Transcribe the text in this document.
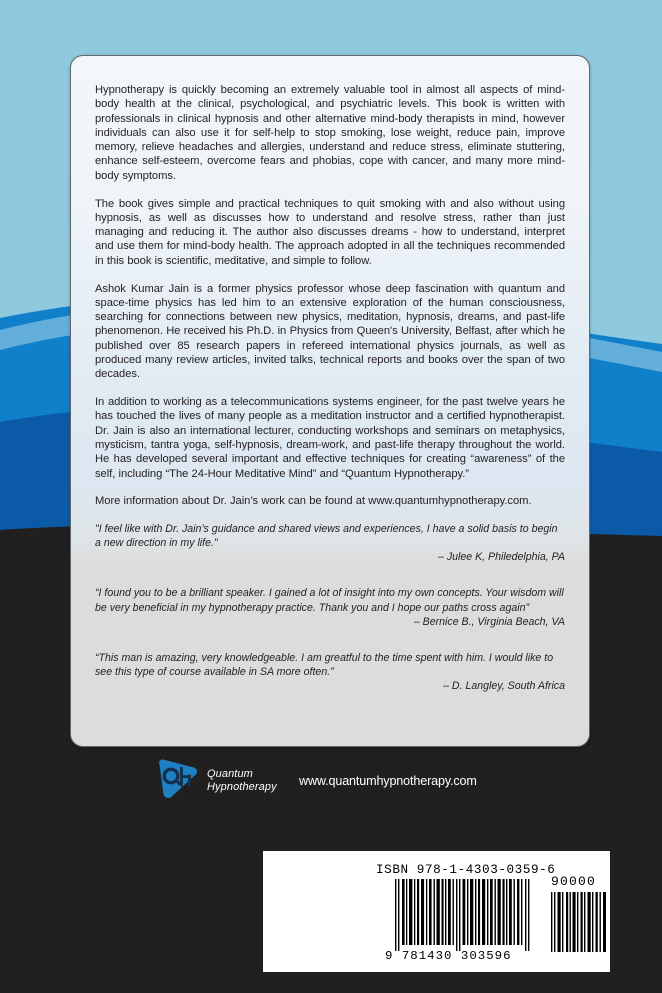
Hypnotherapy is quickly becoming an extremely valuable tool in almost all aspects of mind-body health at the clinical, psychological, and psychiatric levels. This book is written with professionals in clinical hypnosis and other alternative mind-body therapists in mind, however individuals can also use it for self-help to stop smoking, lose weight, reduce pain, improve memory, relieve headaches and allergies, understand and reduce stress, eliminate stuttering, enhance self-esteem, overcome fears and phobias, cope with cancer, and many more mind-body symptoms.

The book gives simple and practical techniques to quit smoking with and also without using hypnosis, as well as discusses how to understand and resolve stress, rather than just managing and reducing it. The author also discusses dreams - how to understand, interpret and use them for mind-body health. The approach adopted in all the techniques recommended in this book is scientific, meditative, and simple to follow.

Ashok Kumar Jain is a former physics professor whose deep fascination with quantum and space-time physics has led him to an extensive exploration of the human consciousness, searching for connections between new physics, meditation, hypnosis, dreams, and past-life phenomenon. He received his Ph.D. in Physics from Queen's University, Belfast, after which he published over 85 research papers in refereed international physics journals, as well as produced many review articles, invited talks, technical reports and books over the span of two decades.

In addition to working as a telecommunications systems engineer, for the past twelve years he has touched the lives of many people as a meditation instructor and a certified hypnotherapist. Dr. Jain is also an international lecturer, conducting workshops and seminars on metaphysics, mysticism, tantra yoga, self-hypnosis, dream-work, and past-life therapy throughout the world. He has developed several important and effective techniques for creating “awareness” of the self, including “The 24-Hour Meditative Mind” and “Quantum Hypnotherapy.”

More information about Dr. Jain’s work can be found at www.quantumhypnotherapy.com.

"I feel like with Dr. Jain’s guidance and shared views and experiences, I have a solid basis to begin a new direction in my life."

– Julee K, Philedelphia, PA

“I found you to be a brilliant speaker. I gained a lot of insight into my own concepts. Your wisdom will be very beneficial in my hypnotherapy practice. Thank you and I hope our paths cross again”

– Bernice B., Virginia Beach, VA

“This man is amazing, very knowledgeable. I am greatful to the time spent with him. I would like to see this type of course available in SA more often.”

– D. Langley, South Africa

Quantum
Hypnotherapy www.quantumhypnotherapy.com
ISBN 978-1-4303-0359-6
9 781430 303596
90000
